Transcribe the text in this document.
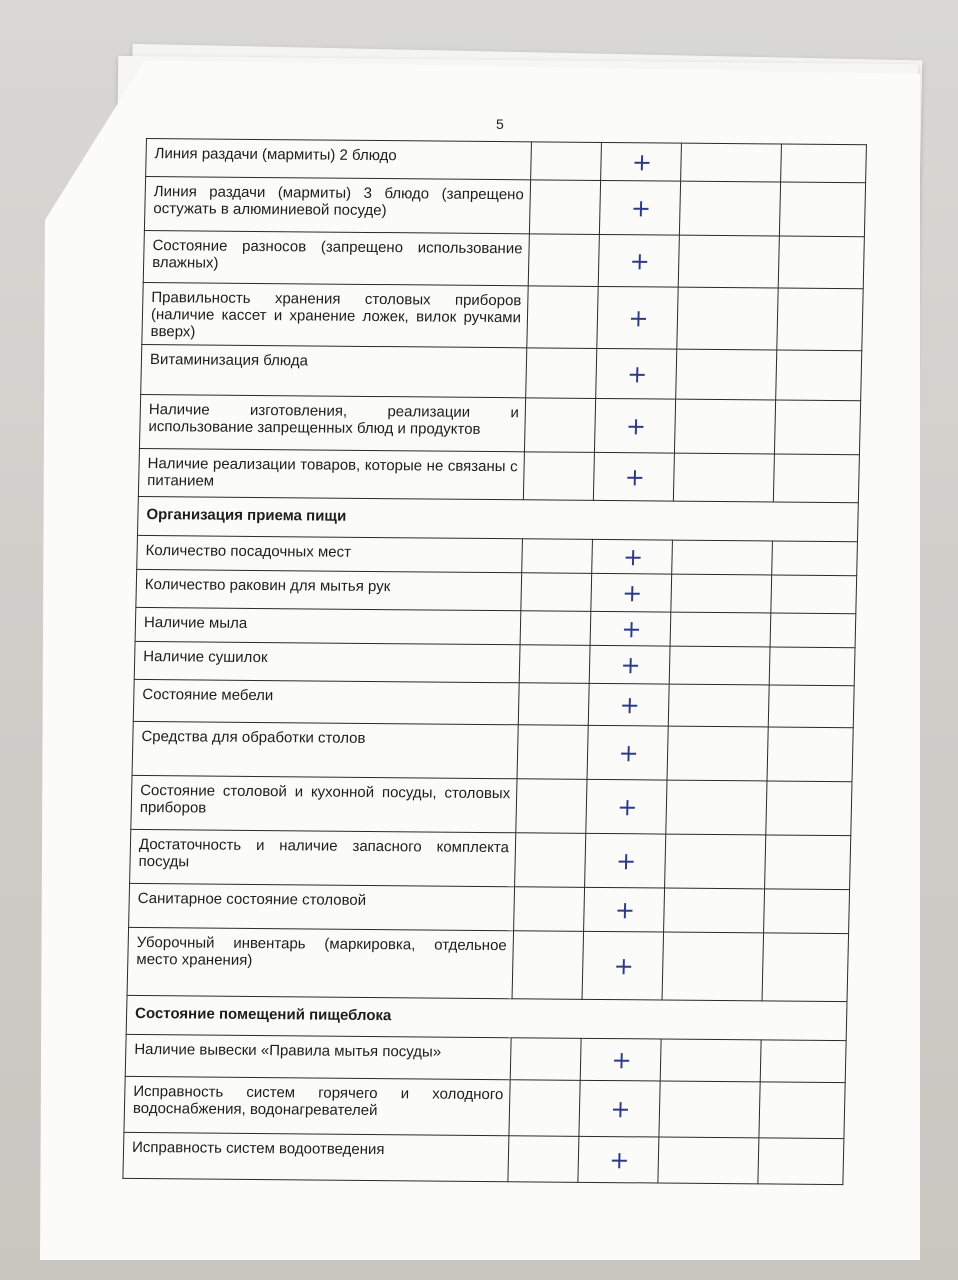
5
Линия раздачи (мармиты) 2 блюдо		+		
Линия раздачи (мармиты) 3 блюдо (запрещено остужать в алюминиевой посуде)		+		
Состояние разносов (запрещено использование влажных)		+		
Правильность хранения столовых приборов (наличие кассет и хранение ложек, вилок ручками вверх)		+		
Витаминизация блюда		+		
Наличие изготовления, реализации и использование запрещенных блюд и продуктов		+		
Наличие реализации товаров, которые не связаны с питанием		+		
Организация приема пищи				
Количество посадочных мест		+		
Количество раковин для мытья рук		+		
Наличие мыла		+		
Наличие сушилок		+		
Состояние мебели		+		
Средства для обработки столов		+		
Состояние столовой и кухонной посуды, столовых приборов		+		
Достаточность и наличие запасного комплекта посуды		+		
Санитарное состояние столовой		+		
Уборочный инвентарь (маркировка, отдельное место хранения)		+		
Состояние помещений пищеблока				
Наличие вывески «Правила мытья посуды»		+		
Исправность систем горячего и холодного водоснабжения, водонагревателей		+		
Исправность систем водоотведения		+		
